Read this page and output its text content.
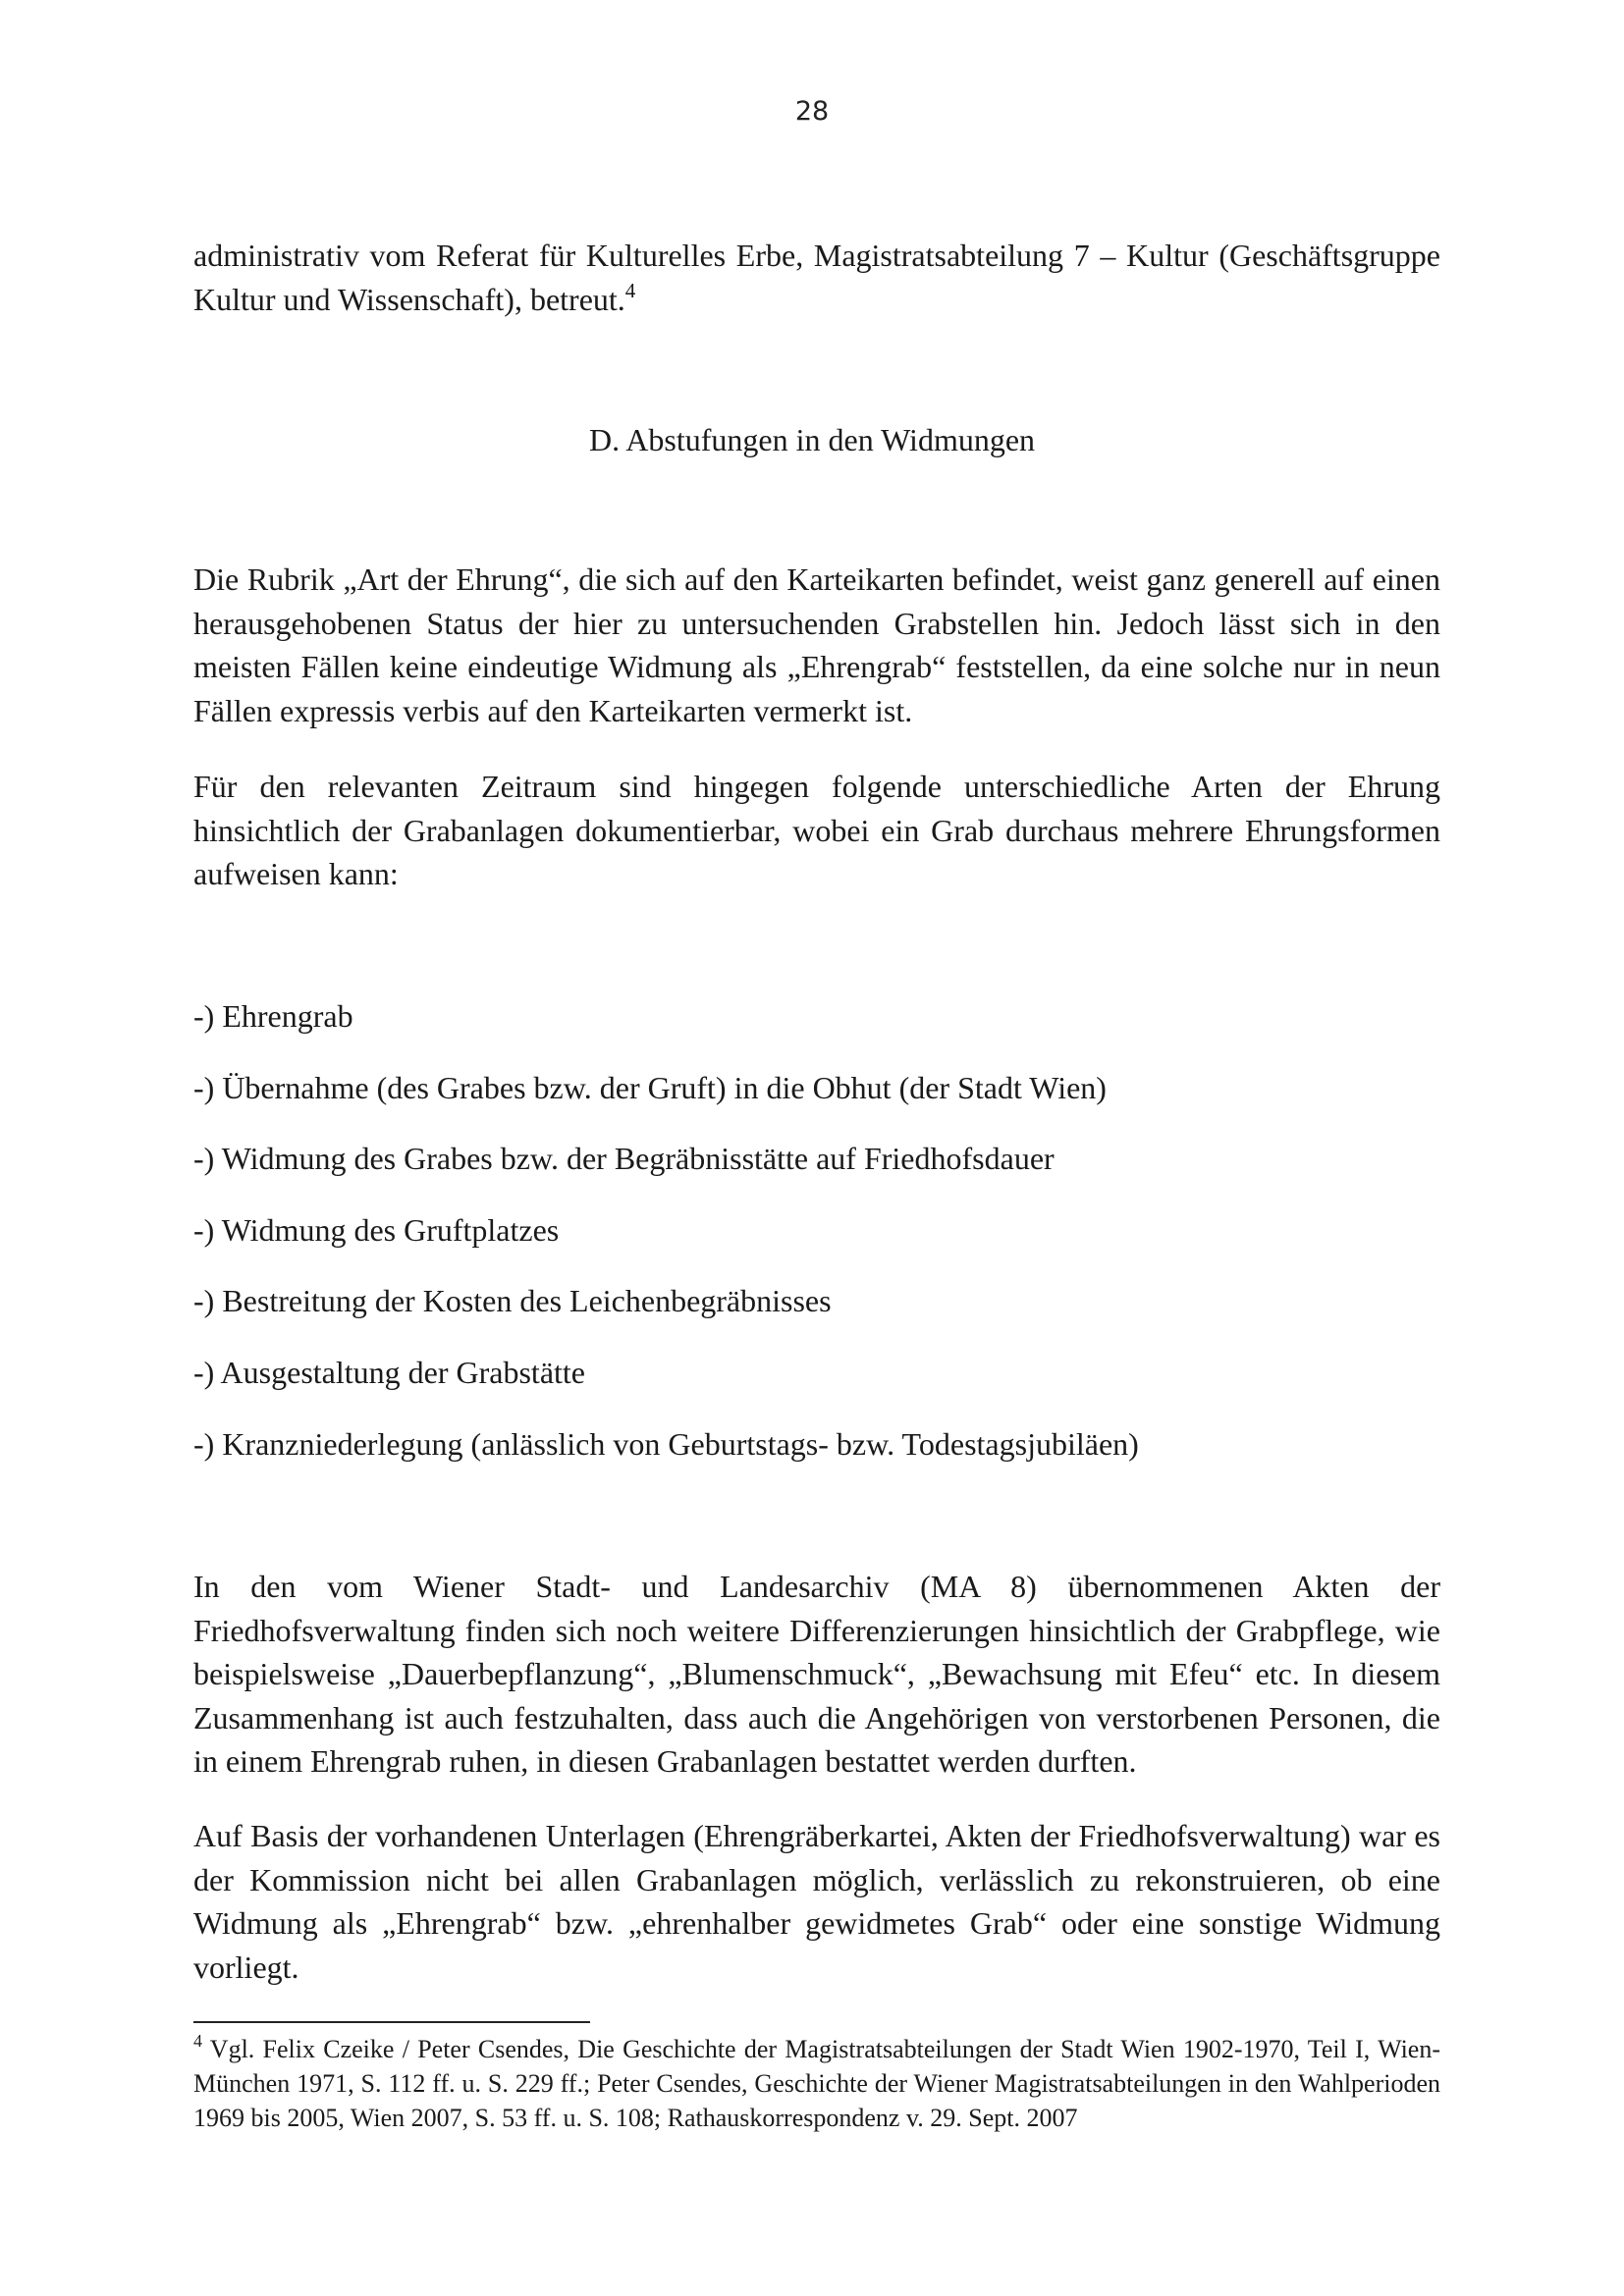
28

administrativ vom Referat für Kulturelles Erbe, Magistratsabteilung 7 – Kultur (Geschäftsgruppe Kultur und Wissenschaft), betreut.$^4$

D. Abstufungen in den Widmungen

Die Rubrik „Art der Ehrung“, die sich auf den Karteikarten befindet, weist ganz generell auf einen herausgehobenen Status der hier zu untersuchenden Grabstellen hin. Jedoch lässt sich in den meisten Fällen keine eindeutige Widmung als „Ehrengrab“ feststellen, da eine solche nur in neun Fällen expressis verbis auf den Karteikarten vermerkt ist.

Für den relevanten Zeitraum sind hingegen folgende unterschiedliche Arten der Ehrung hinsichtlich der Grabanlagen dokumentierbar, wobei ein Grab durchaus mehrere Ehrungsformen aufweisen kann:

-) Ehrengrab
-) Übernahme (des Grabes bzw. der Gruft) in die Obhut (der Stadt Wien)
-) Widmung des Grabes bzw. der Begräbnisstätte auf Friedhofsdauer
-) Widmung des Gruftplatzes
-) Bestreitung der Kosten des Leichenbegräbnisses
-) Ausgestaltung der Grabstätte
-) Kranzniederlegung (anlässlich von Geburtstags- bzw. Todestagsjubiläen)

In den vom Wiener Stadt- und Landesarchiv (MA 8) übernommenen Akten der Friedhofsverwaltung finden sich noch weitere Differenzierungen hinsichtlich der Grabpflege, wie beispielsweise „Dauerbepflanzung“, „Blumenschmuck“, „Bewachsung mit Efeu“ etc. In diesem Zusammenhang ist auch festzuhalten, dass auch die Angehörigen von verstorbenen Personen, die in einem Ehrengrab ruhen, in diesen Grabanlagen bestattet werden durften.

Auf Basis der vorhandenen Unterlagen (Ehrengräberkartei, Akten der Friedhofsverwaltung) war es der Kommission nicht bei allen Grabanlagen möglich, verlässlich zu rekonstruieren, ob eine Widmung als „Ehrengrab“ bzw. „ehrenhalber gewidmetes Grab“ oder eine sonstige Widmung vorliegt.

$^4$ Vgl. Felix Czeike / Peter Csendes, Die Geschichte der Magistratsabteilungen der Stadt Wien 1902-1970, Teil I, Wien-München 1971, S. 112 ff. u. S. 229 ff.; Peter Csendes, Geschichte der Wiener Magistratsabteilungen in den Wahlperioden 1969 bis 2005, Wien 2007, S. 53 ff. u. S. 108; Rathauskorrespondenz v. 29. Sept. 2007
